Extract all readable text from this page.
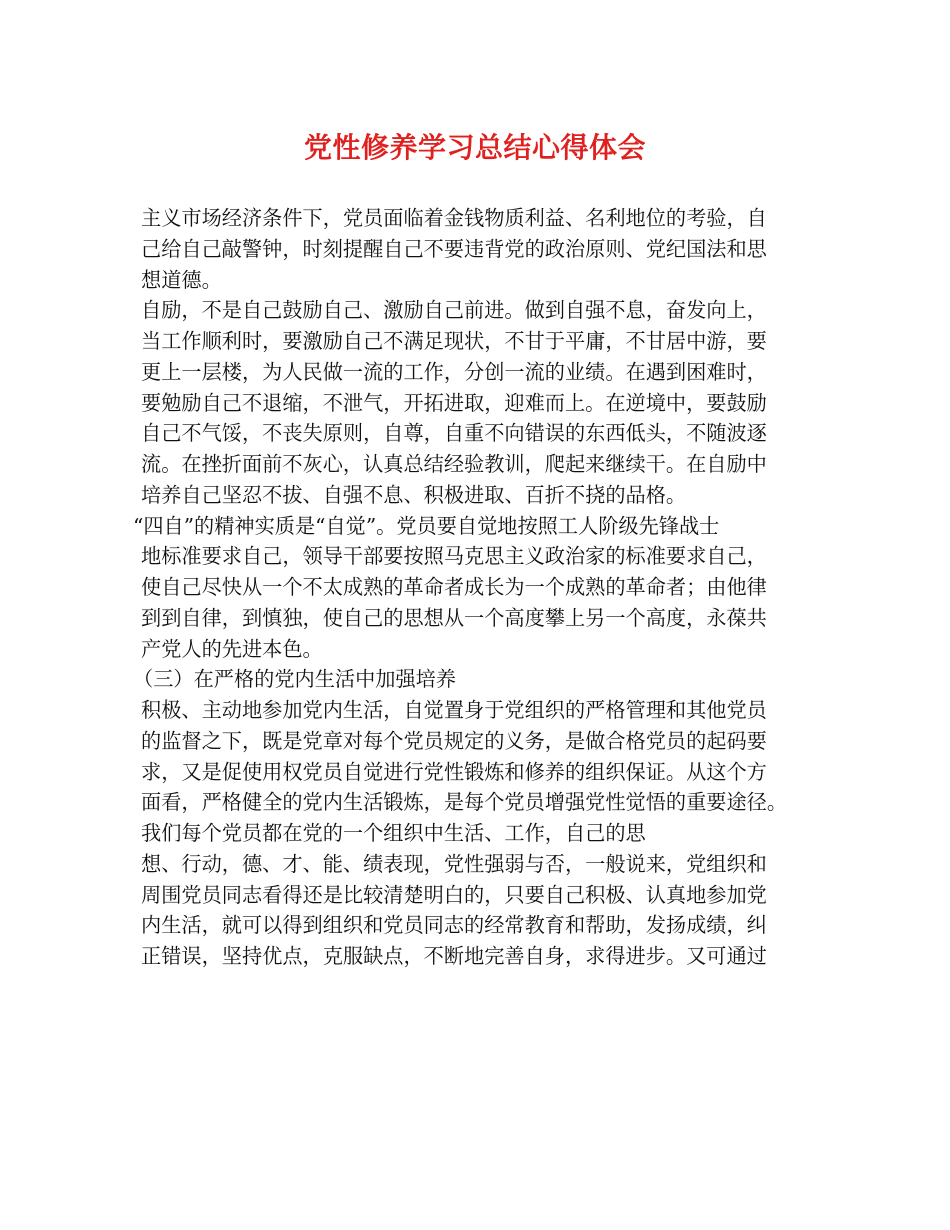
党性修养学习总结心得体会
主义市场经济条件下，党员面临着金钱物质利益、名利地位的考验，自
己给自己敲警钟，时刻提醒自己不要违背党的政治原则、党纪国法和思
想道德。
自励，不是自己鼓励自己、激励自己前进。做到自强不息，奋发向上，
当工作顺利时，要激励自己不满足现状，不甘于平庸，不甘居中游，要
更上一层楼，为人民做一流的工作，分创一流的业绩。在遇到困难时，
要勉励自己不退缩，不泄气，开拓进取，迎难而上。在逆境中，要鼓励
自己不气馁，不丧失原则，自尊，自重不向错误的东西低头，不随波逐
流。在挫折面前不灰心，认真总结经验教训，爬起来继续干。在自励中
培养自己坚忍不拔、自强不息、积极进取、百折不挠的品格。
“四自”的精神实质是“自觉”。党员要自觉地按照工人阶级先锋战士
地标准要求自己，领导干部要按照马克思主义政治家的标准要求自己，
使自己尽快从一个不太成熟的革命者成长为一个成熟的革命者；由他律
到到自律，到慎独，使自己的思想从一个高度攀上另一个高度，永葆共
产党人的先进本色。
（三）在严格的党内生活中加强培养
积极、主动地参加党内生活，自觉置身于党组织的严格管理和其他党员
的监督之下，既是党章对每个党员规定的义务，是做合格党员的起码要
求，又是促使用权党员自觉进行党性锻炼和修养的组织保证。从这个方
面看，严格健全的党内生活锻炼，是每个党员增强党性觉悟的重要途径。
我们每个党员都在党的一个组织中生活、工作，自己的思
想、行动，德、才、能、绩表现，党性强弱与否，一般说来，党组织和
周围党员同志看得还是比较清楚明白的，只要自己积极、认真地参加党
内生活，就可以得到组织和党员同志的经常教育和帮助，发扬成绩，纠
正错误，坚持优点，克服缺点，不断地完善自身，求得进步。又可通过
